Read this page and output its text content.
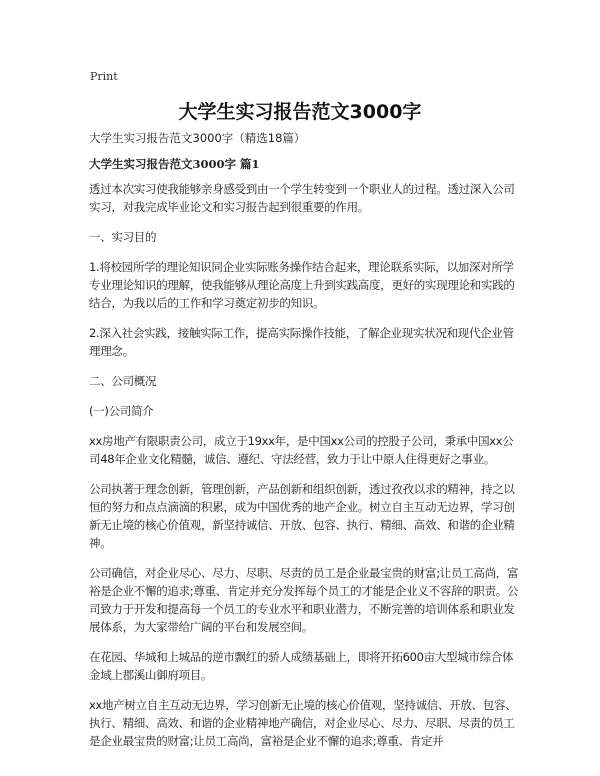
Print
大学生实习报告范文3000字

大学生实习报告范文3000字（精选18篇）

大学生实习报告范文3000字 篇1

透过本次实习使我能够亲身感受到由一个学生转变到一个职业人的过程。透过深入公司实习，对我完成毕业论文和实习报告起到很重要的作用。

一、实习目的

1.将校园所学的理论知识同企业实际账务操作结合起来，理论联系实际，以加深对所学专业理论知识的理解，使我能够从理论高度上升到实践高度，更好的实现理论和实践的结合，为我以后的工作和学习奠定初步的知识。

2.深入社会实践，接触实际工作，提高实际操作技能，了解企业现实状况和现代企业管理理念。

二、公司概况

(一)公司简介

xx房地产有限职责公司，成立于19xx年，是中国xx公司的控股子公司，秉承中国xx公司48年企业文化精髓，诚信、遵纪、守法经营，致力于让中原人住得更好之事业。

公司执著于理念创新，管理创新，产品创新和组织创新，透过孜孜以求的精神，持之以恒的努力和点点滴滴的积累，成为中国优秀的地产企业。树立自主互动无边界，学习创新无止境的核心价值观，新坚持诚信、开放、包容、执行、精细、高效、和谐的企业精神。

公司确信，对企业尽心、尽力、尽职、尽责的员工是企业最宝贵的财富;让员工高尚，富裕是企业不懈的追求;尊重、肯定并充分发挥每个员工的才能是企业义不容辞的职责。公司致力于开发和提高每一个员工的专业水平和职业潜力，不断完善的培训体系和职业发展体系，为大家带给广阔的平台和发展空间。

在花园、华城和上城品的逆市飘红的骄人成绩基础上，即将开拓600亩大型城市综合体金域上郡溪山御府项目。

xx地产树立自主互动无边界，学习创新无止境的核心价值观，坚持诚信、开放、包容、执行、精细、高效、和谐的企业精神地产确信，对企业尽心、尽力、尽职、尽责的员工是企业最宝贵的财富;让员工高尚，富裕是企业不懈的追求;尊重、肯定并
